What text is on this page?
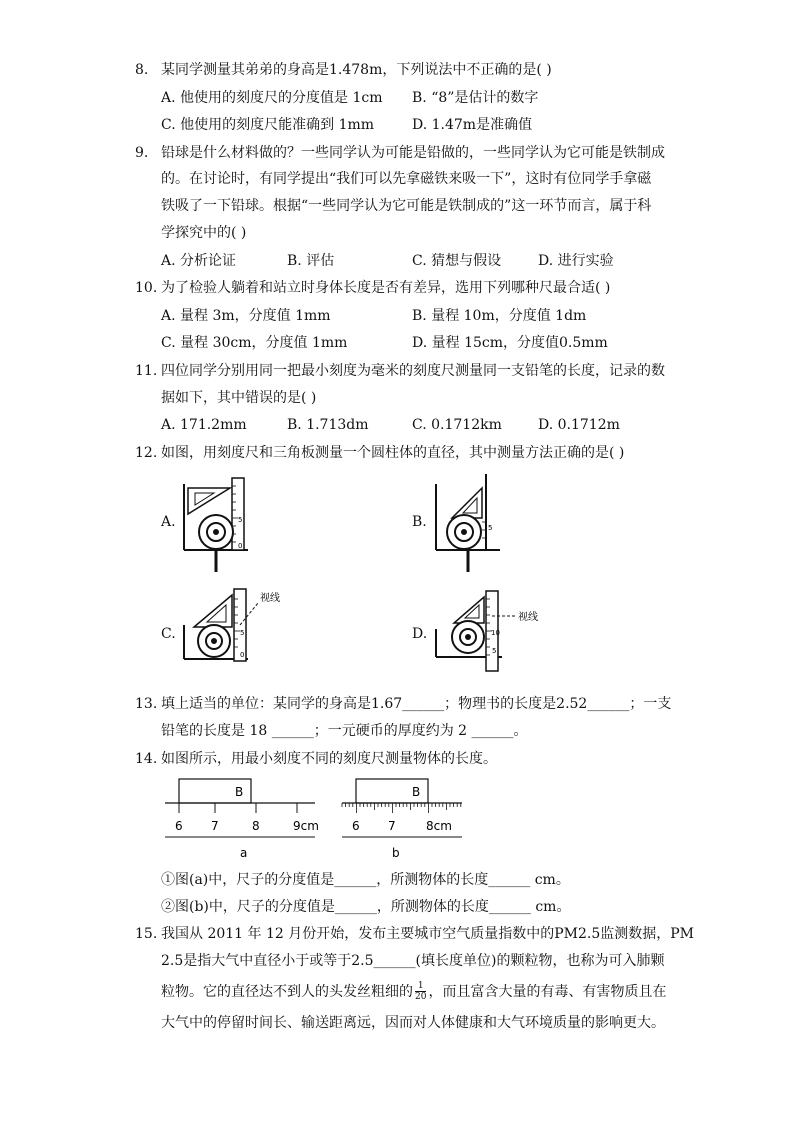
8. 某同学测量其弟弟的身高是1.478m，下列说法中不正确的是( )
A. 他使用的刻度尺的分度值是 1cm B. “8”是估计的数字
C. 他使用的刻度尺能准确到 1mm	D. 1.47m是准确值
9. 铅球是什么材料做的？一些同学认为可能是铅做的，一些同学认为它可能是铁制成
的。在讨论时，有同学提出“我们可以先拿磁铁来吸一下”，这时有位同学手拿磁
铁吸了一下铅球。根据“一些同学认为它可能是铁制成的”这一环节而言，属于科
学探究中的( )
A. 分析论证	B. 评估	C. 猜想与假设	D. 进行实验
10. 为了检验人躺着和站立时身体长度是否有差异，选用下列哪种尺最合适( )
A. 量程 3m，分度值 1mm	B. 量程 10m，分度值 1dm
C. 量程 30cm，分度值 1mm	D. 量程 15cm，分度值0.5mm
11. 四位同学分别用同一把最小刻度为毫米的刻度尺测量同一支铅笔的长度，记录的数
据如下，其中错误的是( )
A. 171.2mm	B. 1.713dm	C. 0.1712km	D. 0.1712m
12. 如图，用刻度尺和三角板测量一个圆柱体的直径，其中测量方法正确的是( )
A.	5
0
B.	5
C.	5
0
视线
D.	10
5
视线
13. 填上适当的单位：某同学的身高是1.67______；物理书的长度是2.52______；一支
铅笔的长度是 18 ______；一元硬币的厚度约为 2 ______。
14. 如图所示，用最小刻度不同的刻度尺测量物体的长度。
B
6 7	8	9cm
a
B
6 7	8cm
b
①图(a)中，尺子的分度值是______，所测物体的长度______ cm。
②图(b)中，尺子的分度值是______，所测物体的长度______ cm。
15. 我国从 2011 年 12 月份开始，发布主要城市空气质量指数中的PM2.5监测数据，PM
2.5是指大气中直径小于或等于2.5______(填长度单位)的颗粒物，也称为可入肺颗
粒物。它的直径达不到人的头发丝粗细的 $\frac{1}{20}$ ，而且富含大量的有毒、有害物质且在
大气中的停留时间长、输送距离远，因而对人体健康和大气环境质量的影响更大。
